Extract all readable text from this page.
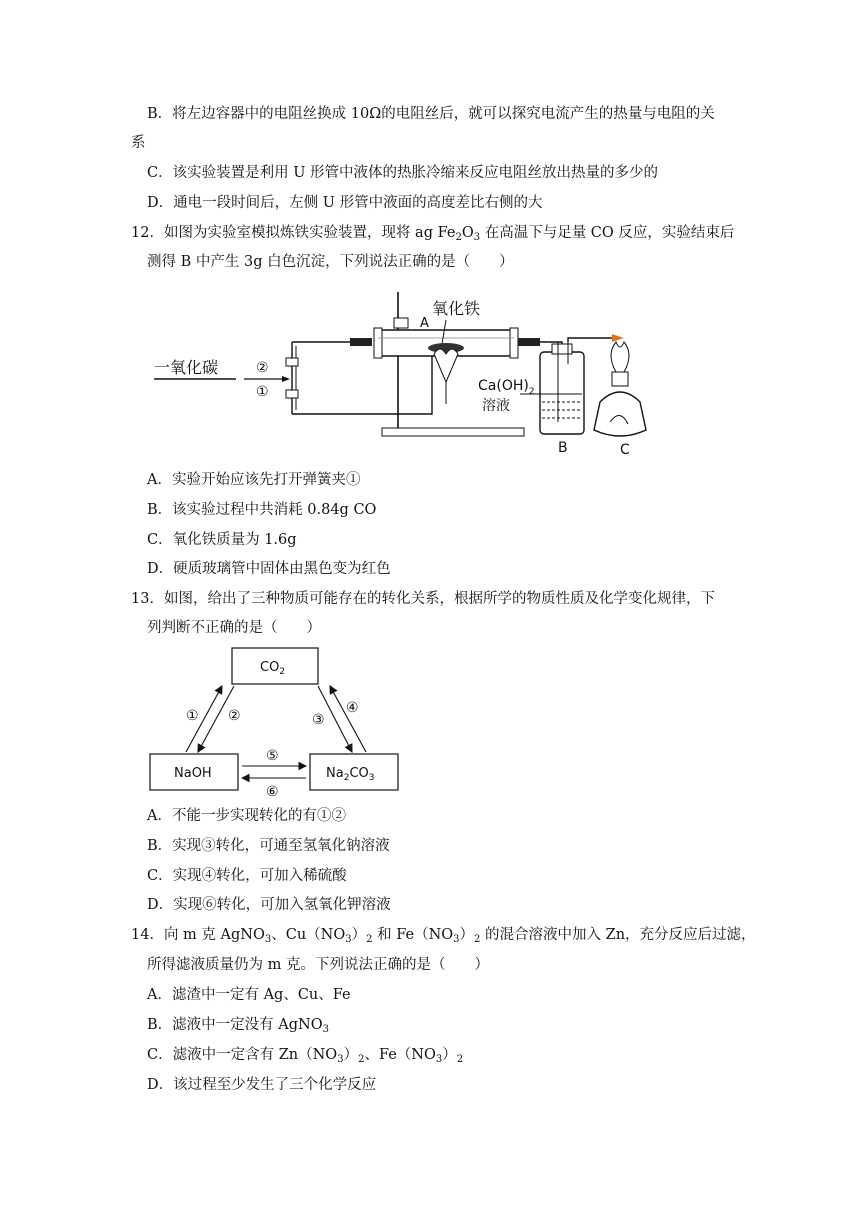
B．将左边容器中的电阻丝换成 10Ω的电阻丝后，就可以探究电流产生的热量与电阻的关
系
C．该实验装置是利用 U 形管中液体的热胀冷缩来反应电阻丝放出热量的多少的
D．通电一段时间后，左侧 U 形管中液面的高度差比右侧的大
12．如图为实验室模拟炼铁实验装置，现将 ag $Fe_2O_3$ 在高温下与足量 CO 反应，实验结束后
测得 B 中产生 3g 白色沉淀，下列说法正确的是（　　）
一氧化碳	②
①
A
氧化铁
$Ca(OH)_2$
溶液
B	C
A．实验开始应该先打开弹簧夹①
B．该实验过程中共消耗 0.84g CO
C．氧化铁质量为 1.6g
D．硬质玻璃管中固体由黑色变为红色
13．如图，给出了三种物质可能存在的转化关系，根据所学的物质性质及化学变化规律，下
列判断不正确的是（　　）
$CO_2$
NaOH	$Na_2CO_3$
① ②	③
④
⑤
⑥
A．不能一步实现转化的有①②
B．实现③转化，可通至氢氧化钠溶液
C．实现④转化，可加入稀硫酸
D．实现⑥转化，可加入氢氧化钾溶液
14．向 m 克 AgNO$_3$、$Cu(NO_3)_2$ 和 $Fe(NO_3)_2$ 的混合溶液中加入 Zn，充分反应后过滤，
所得滤液质量仍为 m 克。下列说法正确的是（　　）
A．滤渣中一定有 Ag、Cu、Fe
B．滤液中一定没有 AgNO$_3$
C．滤液中一定含有 $Zn(NO_3)_2$、$Fe(NO_3)_2$
D．该过程至少发生了三个化学反应
